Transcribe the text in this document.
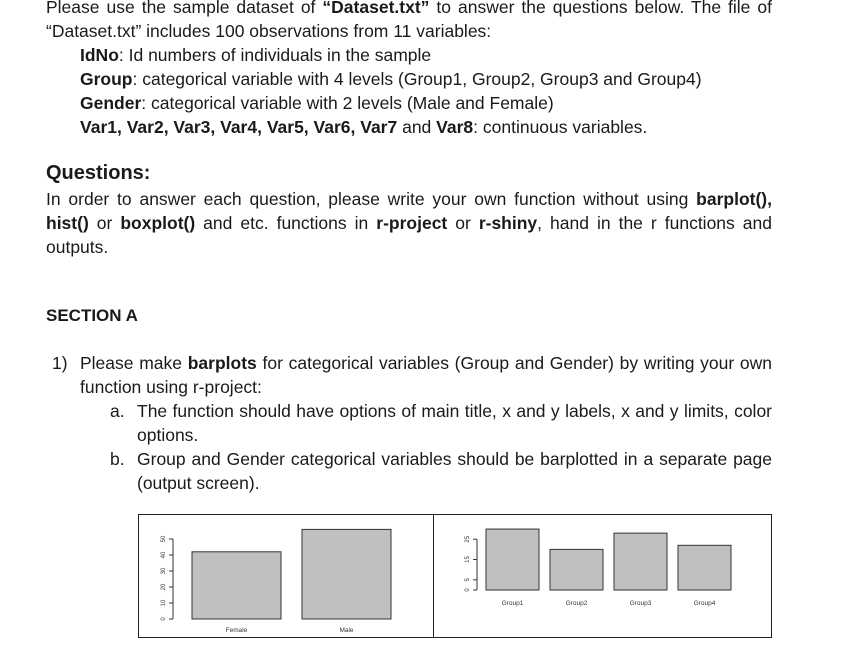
Please use the sample dataset of “Dataset.txt” to answer the questions below. The file of
“Dataset.txt” includes 100 observations from 11 variables:
IdNo: Id numbers of individuals in the sample
Group: categorical variable with 4 levels (Group1, Group2, Group3 and Group4)
Gender: categorical variable with 2 levels (Male and Female)
Var1, Var2, Var3, Var4, Var5, Var6, Var7 and Var8: continuous variables.
Questions:
In order to answer each question, please write your own function without using barplot(),
hist() or boxplot() and etc. functions in r-project or r-shiny, hand in the r functions and
outputs.
SECTION A
1) Please make barplots for categorical variables (Group and Gender) by writing your own
function using r-project:
a. The function should have options of main title, x and y labels, x and y limits, color
options.
b. Group and Gender categorical variables should be barplotted in a separate page
(output screen).
0
10
20
30
40
50
Female	Male
0
5
15
25
Group1	Group2	Group3	Group4
